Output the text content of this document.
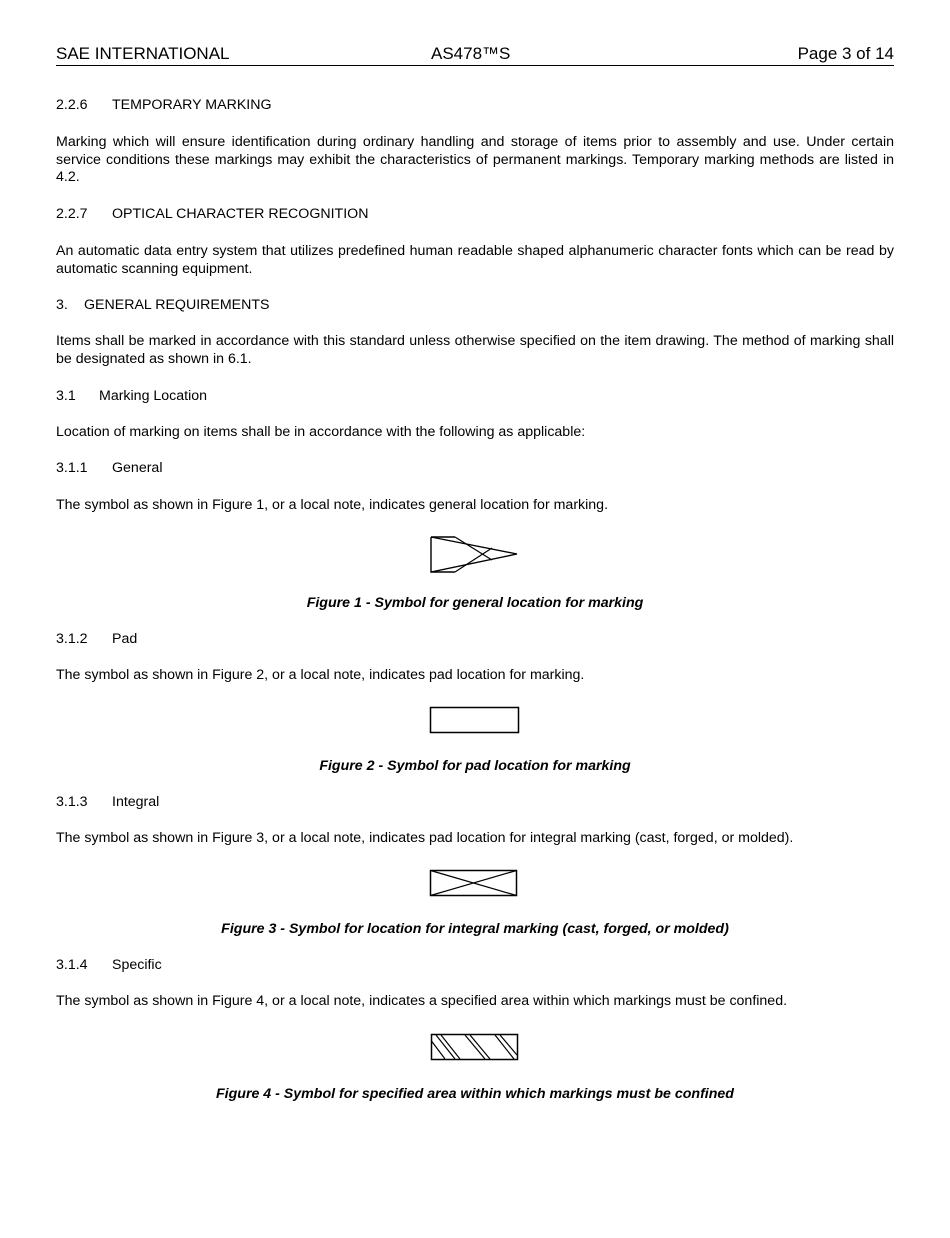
SAE INTERNATIONAL	AS478™S	Page 3 of 14
2.2.6 TEMPORARY MARKING
Marking which will ensure identification during ordinary handling and storage of items prior to assembly and use. Under certain service conditions these markings may exhibit the characteristics of permanent markings. Temporary marking methods are listed in 4.2.
2.2.7 OPTICAL CHARACTER RECOGNITION
An automatic data entry system that utilizes predefined human readable shaped alphanumeric character fonts which can be read by automatic scanning equipment.
3. GENERAL REQUIREMENTS
Items shall be marked in accordance with this standard unless otherwise specified on the item drawing. The method of marking shall be designated as shown in 6.1.
3.1 Marking Location
Location of marking on items shall be in accordance with the following as applicable:
3.1.1 General
The symbol as shown in Figure 1, or a local note, indicates general location for marking.
Figure 1 - Symbol for general location for marking
3.1.2 Pad
The symbol as shown in Figure 2, or a local note, indicates pad location for marking.
Figure 2 - Symbol for pad location for marking
3.1.3 Integral
The symbol as shown in Figure 3, or a local note, indicates pad location for integral marking (cast, forged, or molded).
Figure 3 - Symbol for location for integral marking (cast, forged, or molded)
3.1.4 Specific
The symbol as shown in Figure 4, or a local note, indicates a specified area within which markings must be confined.
Figure 4 - Symbol for specified area within which markings must be confined
